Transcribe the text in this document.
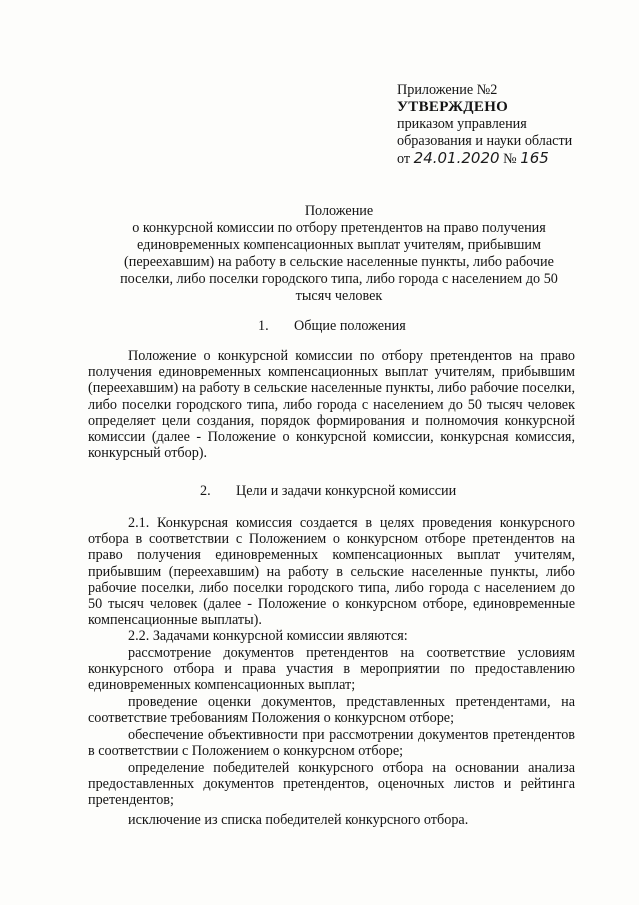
Приложение №2
УТВЕРЖДЕНО
приказом управления
образования и науки области
от 24.01.2020 № 165
Положение
о конкурсной комиссии по отбору претендентов на право получения единовременных компенсационных выплат учителям, прибывшим (переехавшим) на работу в сельские населенные пункты, либо рабочие поселки, либо поселки городского типа, либо города с населением до 50 тысяч человек
1. Общие положения
Положение о конкурсной комиссии по отбору претендентов на право получения единовременных компенсационных выплат учителям, прибывшим (переехавшим) на работу в сельские населенные пункты, либо рабочие поселки, либо поселки городского типа, либо города с населением до 50 тысяч человек определяет цели создания, порядок формирования и полномочия конкурсной комиссии (далее - Положение о конкурсной комиссии, конкурсная комиссия, конкурсный отбор).
2. Цели и задачи конкурсной комиссии
2.1. Конкурсная комиссия создается в целях проведения конкурсного отбора в соответствии с Положением о конкурсном отборе претендентов на право получения единовременных компенсационных выплат учителям, прибывшим (переехавшим) на работу в сельские населенные пункты, либо рабочие поселки, либо поселки городского типа, либо города с населением до 50 тысяч человек (далее - Положение о конкурсном отборе, единовременные компенсационные выплаты).
2.2. Задачами конкурсной комиссии являются:
рассмотрение документов претендентов на соответствие условиям конкурсного отбора и права участия в мероприятии по предоставлению единовременных компенсационных выплат;
проведение оценки документов, представленных претендентами, на соответствие требованиям Положения о конкурсном отборе;
обеспечение объективности при рассмотрении документов претендентов в соответствии с Положением о конкурсном отборе;
определение победителей конкурсного отбора на основании анализа предоставленных документов претендентов, оценочных листов и рейтинга претендентов;
исключение из списка победителей конкурсного отбора.
